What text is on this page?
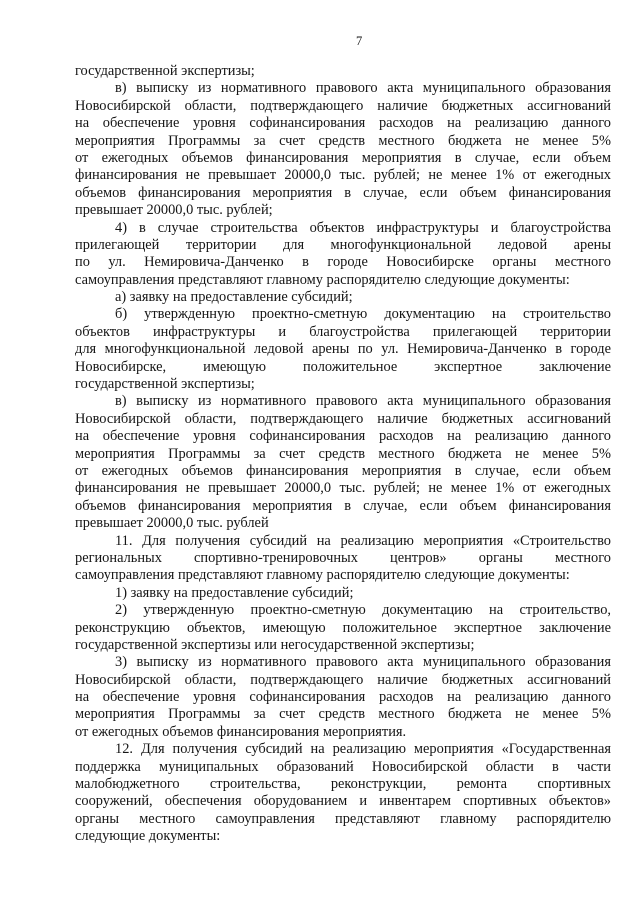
7
государственной экспертизы;
в) выписку из нормативного правового акта муниципального образования
Новосибирской области, подтверждающего наличие бюджетных ассигнований
на обеспечение уровня софинансирования расходов на реализацию данного
мероприятия Программы за счет средств местного бюджета не менее 5%
от ежегодных объемов финансирования мероприятия в случае, если объем
финансирования не превышает 20000,0 тыс. рублей; не менее 1% от ежегодных
объемов финансирования мероприятия в случае, если объем финансирования
превышает 20000,0 тыс. рублей;
4) в случае строительства объектов инфраструктуры и благоустройства
прилегающей территории для многофункциональной ледовой арены
по ул. Немировича-Данченко в городе Новосибирске органы местного
самоуправления представляют главному распорядителю следующие документы:
а) заявку на предоставление субсидий;
б) утвержденную проектно-сметную документацию на строительство
объектов инфраструктуры и благоустройства прилегающей территории
для многофункциональной ледовой арены по ул. Немировича-Данченко в городе
Новосибирске, имеющую положительное экспертное заключение
государственной экспертизы;
в) выписку из нормативного правового акта муниципального образования
Новосибирской области, подтверждающего наличие бюджетных ассигнований
на обеспечение уровня софинансирования расходов на реализацию данного
мероприятия Программы за счет средств местного бюджета не менее 5%
от ежегодных объемов финансирования мероприятия в случае, если объем
финансирования не превышает 20000,0 тыс. рублей; не менее 1% от ежегодных
объемов финансирования мероприятия в случае, если объем финансирования
превышает 20000,0 тыс. рублей
11. Для получения субсидий на реализацию мероприятия «Строительство
региональных спортивно-тренировочных центров» органы местного
самоуправления представляют главному распорядителю следующие документы:
1) заявку на предоставление субсидий;
2) утвержденную проектно-сметную документацию на строительство,
реконструкцию объектов, имеющую положительное экспертное заключение
государственной экспертизы или негосударственной экспертизы;
3) выписку из нормативного правового акта муниципального образования
Новосибирской области, подтверждающего наличие бюджетных ассигнований
на обеспечение уровня софинансирования расходов на реализацию данного
мероприятия Программы за счет средств местного бюджета не менее 5%
от ежегодных объемов финансирования мероприятия.
12. Для получения субсидий на реализацию мероприятия «Государственная
поддержка муниципальных образований Новосибирской области в части
малобюджетного строительства, реконструкции, ремонта спортивных
сооружений, обеспечения оборудованием и инвентарем спортивных объектов»
органы местного самоуправления представляют главному распорядителю
следующие документы:
